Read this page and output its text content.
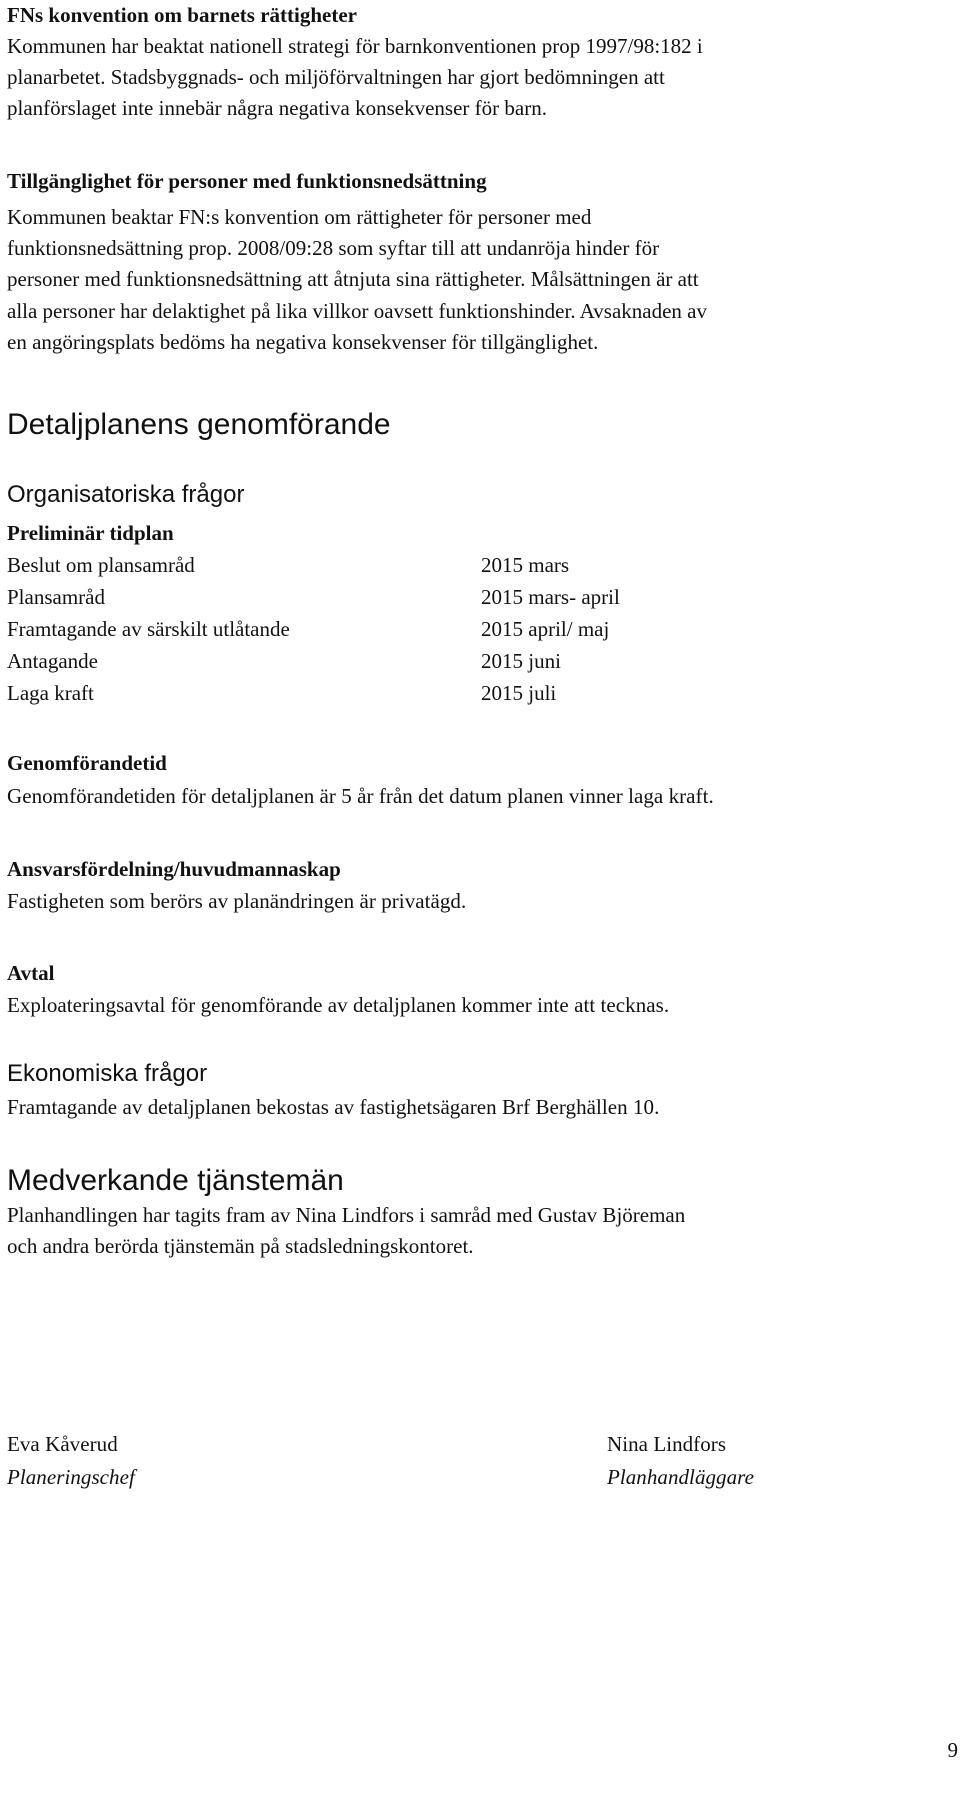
FNs konvention om barnets rättigheter
Kommunen har beaktat nationell strategi för barnkonventionen prop 1997/98:182 i
planarbetet. Stadsbyggnads- och miljöförvaltningen har gjort bedömningen att
planförslaget inte innebär några negativa konsekvenser för barn.
Tillgänglighet för personer med funktionsnedsättning
Kommunen beaktar FN:s konvention om rättigheter för personer med
funktionsnedsättning prop. 2008/09:28 som syftar till att undanröja hinder för
personer med funktionsnedsättning att åtnjuta sina rättigheter. Målsättningen är att
alla personer har delaktighet på lika villkor oavsett funktionshinder. Avsaknaden av
en angöringsplats bedöms ha negativa konsekvenser för tillgänglighet.
Detaljplanens genomförande
Organisatoriska frågor
Preliminär tidplan
Beslut om plansamråd	2015 mars
Plansamråd	2015 mars- april
Framtagande av särskilt utlåtande	2015 april/ maj
Antagande	2015 juni
Laga kraft	2015 juli
Genomförandetid
Genomförandetiden för detaljplanen är 5 år från det datum planen vinner laga kraft.
Ansvarsfördelning/huvudmannaskap
Fastigheten som berörs av planändringen är privatägd.
Avtal
Exploateringsavtal för genomförande av detaljplanen kommer inte att tecknas.
Ekonomiska frågor
Framtagande av detaljplanen bekostas av fastighetsägaren Brf Berghällen 10.
Medverkande tjänstemän
Planhandlingen har tagits fram av Nina Lindfors i samråd med Gustav Björeman
och andra berörda tjänstemän på stadsledningskontoret.
Eva Kåverud
Planeringschef
Nina Lindfors
Planhandläggare
9
